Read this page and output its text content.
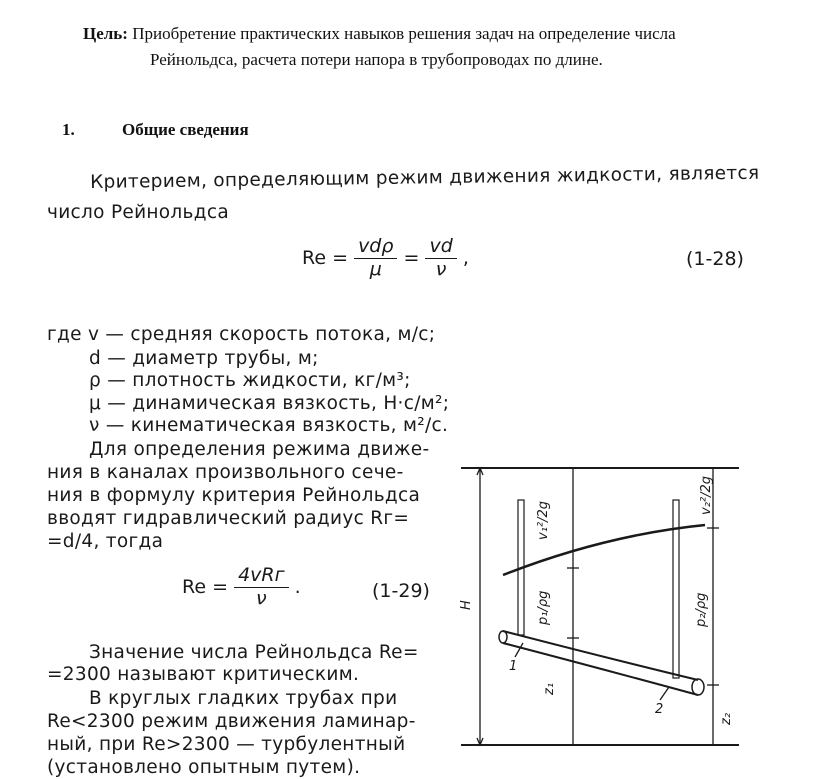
Цель: Приобретение практических навыков решения задач на определение числа
Рейнольдса, расчета потери напора в трубопроводах по длине.
1.	Общие сведения
Критерием, определяющим режим движения жидкости, является
число Рейнольдса
$Re = \frac{\text{vdρ}}{\mu} = \frac{vd}{\nu}$ ,	(1-28)
где v — средняя скорость потока, м/с;
d — диаметр трубы, м;
ρ — плотность жидкости, кг/м³;
μ — динамическая вязкость, Н·с/м²;
ν — кинематическая вязкость, м²/с.
Для определения режима движе-
ния в каналах произвольного сече-
ния в формулу критерия Рейнольдса
вводят гидравлический радиус Rг=
=d/4, тогда
$Re = \frac{\text{4vRг}}{\nu}$ .	(1-29)
Значение числа Рейнольдса Re=
=2300 называют критическим.
В круглых гладких трубах при
Re<2300 режим движения ламинар-
ный, при Re>2300 — турбулентный
(установлено опытным путем).
H
v₁²/2g
v₂²/2g
p₁/ρg	p₂/ρg
z₁
z₂
1
2
